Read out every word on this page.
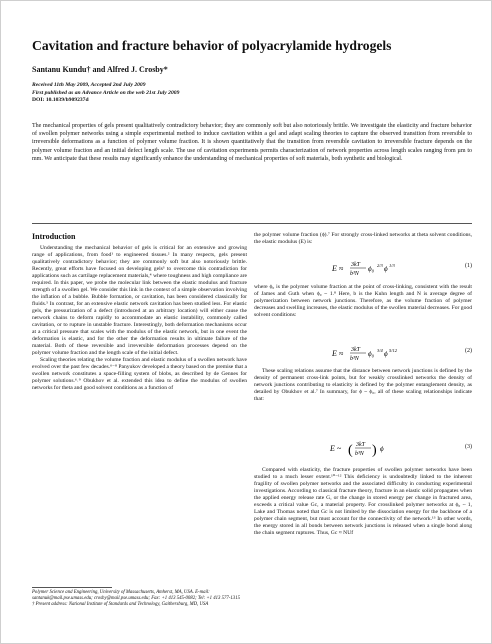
Cavitation and fracture behavior of polyacrylamide hydrogels
Santanu Kundu† and Alfred J. Crosby*
Received 11th May 2009, Accepted 2nd July 2009
First published as an Advance Article on the web 21st July 2009
DOI: 10.1039/b909237d
The mechanical properties of gels present qualitatively contradictory behavior; they are commonly soft but also notoriously brittle. We investigate the elasticity and fracture behavior of swollen polymer networks using a simple experimental method to induce cavitation within a gel and adapt scaling theories to capture the observed transition from reversible to irreversible deformations as a function of polymer volume fraction. It is shown quantitatively that the transition from reversible cavitation to irreversible fracture depends on the polymer volume fraction and an initial defect length scale. The use of cavitation experiments permits characterization of network properties across length scales ranging from µm to mm. We anticipate that these results may significantly enhance the understanding of mechanical properties of soft materials, both synthetic and biological.
Introduction

Understanding the mechanical behavior of gels is critical for an extensive and growing range of applications, from food¹ to engineered tissues.² In many respects, gels present qualitatively contradictory behavior; they are commonly soft but also notoriously brittle. Recently, great efforts have focused on developing gels³ to overcome this contradiction for applications such as cartilage replacement materials,⁴ where toughness and high compliance are required. In this paper, we probe the molecular link between the elastic modulus and fracture strength of a swollen gel. We consider this link in the context of a simple observation involving the inflation of a bubble. Bubble formation, or cavitation, has been considered classically for fluids.⁵ In contrast, for an extensive elastic network cavitation has been studied less. For elastic gels, the pressurization of a defect (introduced at an arbitrary location) will either cause the network chains to deform rapidly to accommodate an elastic instability, commonly called cavitation, or to rupture in unstable fracture. Interestingly, both deformation mechanisms occur at a critical pressure that scales with the modulus of the elastic network, but in one event the deformation is elastic, and for the other the deformation results in ultimate failure of the material. Both of these reversible and irreversible deformation processes depend on the polymer volume fraction and the length scale of the initial defect.

Scaling theories relating the volume fraction and elastic modulus of a swollen network have evolved over the past few decades.⁶⁻⁸ Panyukov developed a theory based on the premise that a swollen network constitutes a space-filling system of blobs, as described by de Gennes for polymer solutions.⁶˒⁹ Obukhov et al. extended this idea to define the modulus of swollen networks for theta and good solvent conditions as a function of

the polymer volume fraction (ϕ).⁷ For strongly cross-linked networks at theta solvent conditions, the elastic modulus (E) is:

E ≈ 3kT
b³N
ϕ₀ 2/3 ϕ 1/3	(1)

where ϕ₀ is the polymer volume fraction at the point of cross-linking, consistent with the result of James and Guth when ϕ₀ ~ 1.⁸ Here, b is the Kuhn length and N is average degree of polymerization between network junctions. Therefore, as the volume fraction of polymer decreases and swelling increases, the elastic modulus of the swollen material decreases. For good solvent conditions:

E ≈ 3kT
b³N
ϕ₀ 3/4 ϕ 5/12	(2)

These scaling relations assume that the distance between network junctions is defined by the density of permanent cross-link points, but for weakly crosslinked networks the density of network junctions contributing to elasticity is defined by the polymer entanglement density, as detailed by Obukhov et al.⁷ In summary, for ϕ ~ ϕ₀, all of these scaling relationships indicate that:

E ~ ( 3kT
b³N ) ϕ	(3)

Compared with elasticity, the fracture properties of swollen polymer networks have been studied to a much lesser extent.¹⁰⁻¹² This deficiency is undoubtedly linked to the inherent fragility of swollen polymer networks and the associated difficulty in conducting experimental investigations. According to classical fracture theory, fracture in an elastic solid propagates when the applied energy release rate G, or the change in stored energy per change in fractured area, exceeds a critical value Gc, a material property. For crosslinked polymer networks at ϕ₀ ~ 1, Lake and Thomas noted that Gc is not limited by the dissociation energy for the backbone of a polymer chain segment, but must account for the connectivity of the network.¹³ In other words, the energy stored in all bonds between network junctions is released when a single bond along the chain segment ruptures. Thus, Gc ≈ NUf

Polymer Science and Engineering, University of Massachusetts, Amherst, MA, USA. E-mail: santanuk@mail.pse.umass.edu; crosby@mail.pse.umass.edu; Fax: +1 413 545-0082; Tel: +1 413 577-1315
† Present address: National Institute of Standards and Technology, Gaithersburg, MD, USA
